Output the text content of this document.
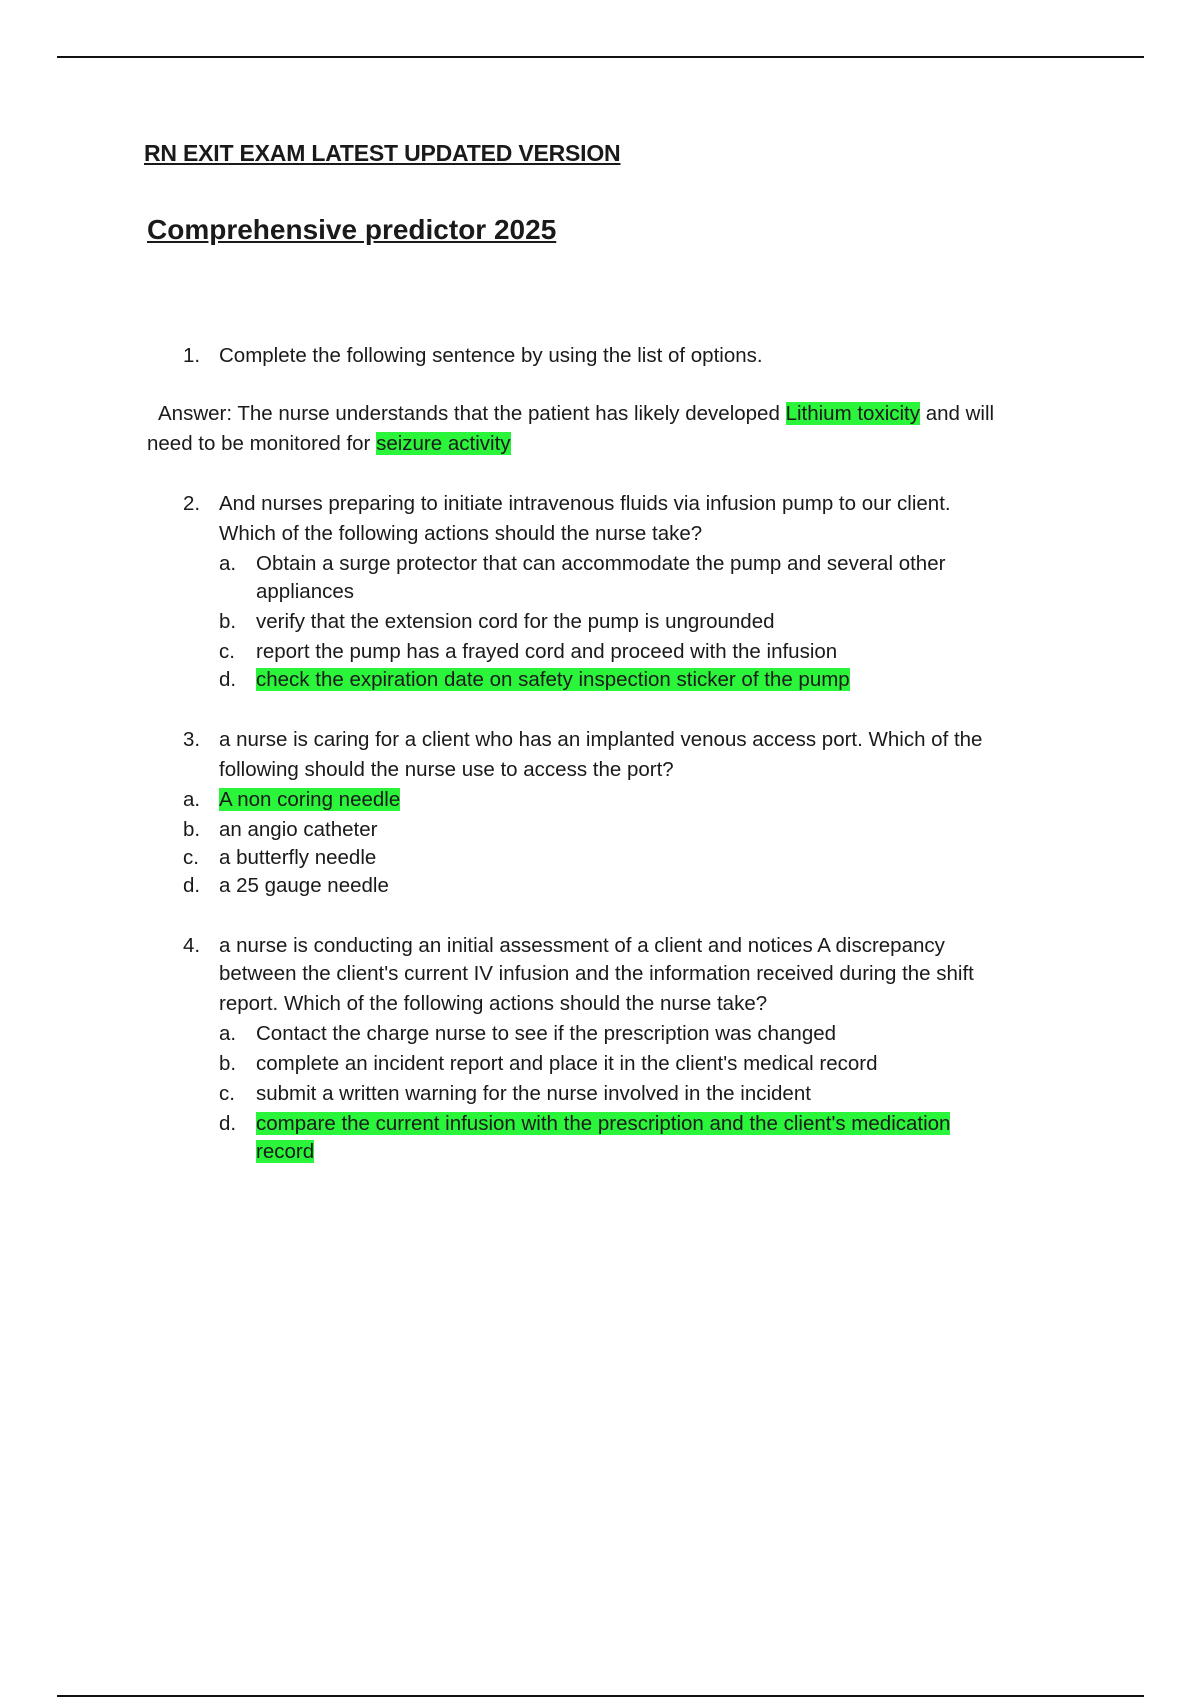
RN EXIT EXAM LATEST UPDATED VERSION
Comprehensive predictor 2025
1. Complete the following sentence by using the list of options.
Answer: The nurse understands that the patient has likely developed Lithium toxicity and will
need to be monitored for seizure activity
2. And nurses preparing to initiate intravenous fluids via infusion pump to our client.
Which of the following actions should the nurse take?
a. Obtain a surge protector that can accommodate the pump and several other
appliances
b. verify that the extension cord for the pump is ungrounded
c. report the pump has a frayed cord and proceed with the infusion
d. check the expiration date on safety inspection sticker of the pump
3. a nurse is caring for a client who has an implanted venous access port. Which of the
following should the nurse use to access the port?
a. A non coring needle
b. an angio catheter
c. a butterfly needle
d. a 25 gauge needle
4. a nurse is conducting an initial assessment of a client and notices A discrepancy
between the client's current IV infusion and the information received during the shift
report. Which of the following actions should the nurse take?
a. Contact the charge nurse to see if the prescription was changed
b. complete an incident report and place it in the client's medical record
c. submit a written warning for the nurse involved in the incident
d. compare the current infusion with the prescription and the client's medication
record
